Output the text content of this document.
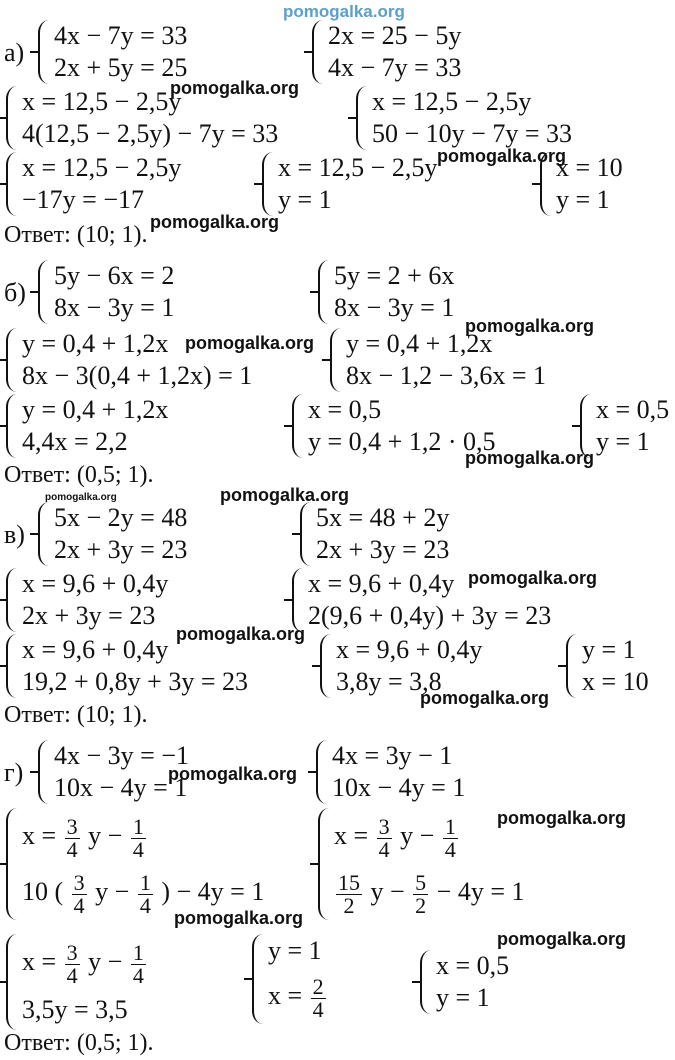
pomogalka.org
pomogalka.org
pomogalka.org
pomogalka.org
pomogalka.org
pomogalka.org
pomogalka.org
pomogalka.org	pomogalka.org
pomogalka.org
pomogalka.org
pomogalka.org
pomogalka.org
pomogalka.org
pomogalka.org
pomogalka.org
а)
4x − 7y = 33
2x + 5y = 25
2x = 25 − 5y
4x − 7y = 33
x = 12,5 − 2,5y
4(12,5 − 2,5y) − 7y = 33
x = 12,5 − 2,5y
50 − 10y − 7y = 33
x = 12,5 − 2,5y
−17y = −17
x = 12,5 − 2,5y
y = 1
x = 10
y = 1
Ответ: (10; 1).
б)
5y − 6x = 2
8x − 3y = 1
5y = 2 + 6x
8x − 3y = 1
y = 0,4 + 1,2x
8x − 3(0,4 + 1,2x) = 1
y = 0,4 + 1,2x
8x − 1,2 − 3,6x = 1
y = 0,4 + 1,2x
4,4x = 2,2
x = 0,5
y = 0,4 + 1,2 · 0,5
x = 0,5
y = 1
Ответ: (0,5; 1).
в)
5x − 2y = 48
2x + 3y = 23
5x = 48 + 2y
2x + 3y = 23
x = 9,6 + 0,4y
2x + 3y = 23
x = 9,6 + 0,4y
2(9,6 + 0,4y) + 3y = 23
x = 9,6 + 0,4y
19,2 + 0,8y + 3y = 23
x = 9,6 + 0,4y
3,8y = 3,8
y = 1
x = 10
Ответ: (10; 1).
г)
4x − 3y = −1
10x − 4y = 1
4x = 3y − 1
10x − 4y = 1
$x = \frac{3}{4}$ $y - \frac{1}{4}$
10 ( $\frac{3}{4}$ $y - \frac{1}{4}$ ) − 4y = 1
$x = \frac{3}{4}$ $y - \frac{1}{4}$
$\frac{15}{2}$ $y - \frac{5}{2} - 4y = 1$
$x = \frac{3}{4}$ $y - \frac{1}{4}$
3,5y = 3,5
y = 1
$x = \frac{2}{4}$
x = 0,5
y = 1
Ответ: (0,5; 1).
